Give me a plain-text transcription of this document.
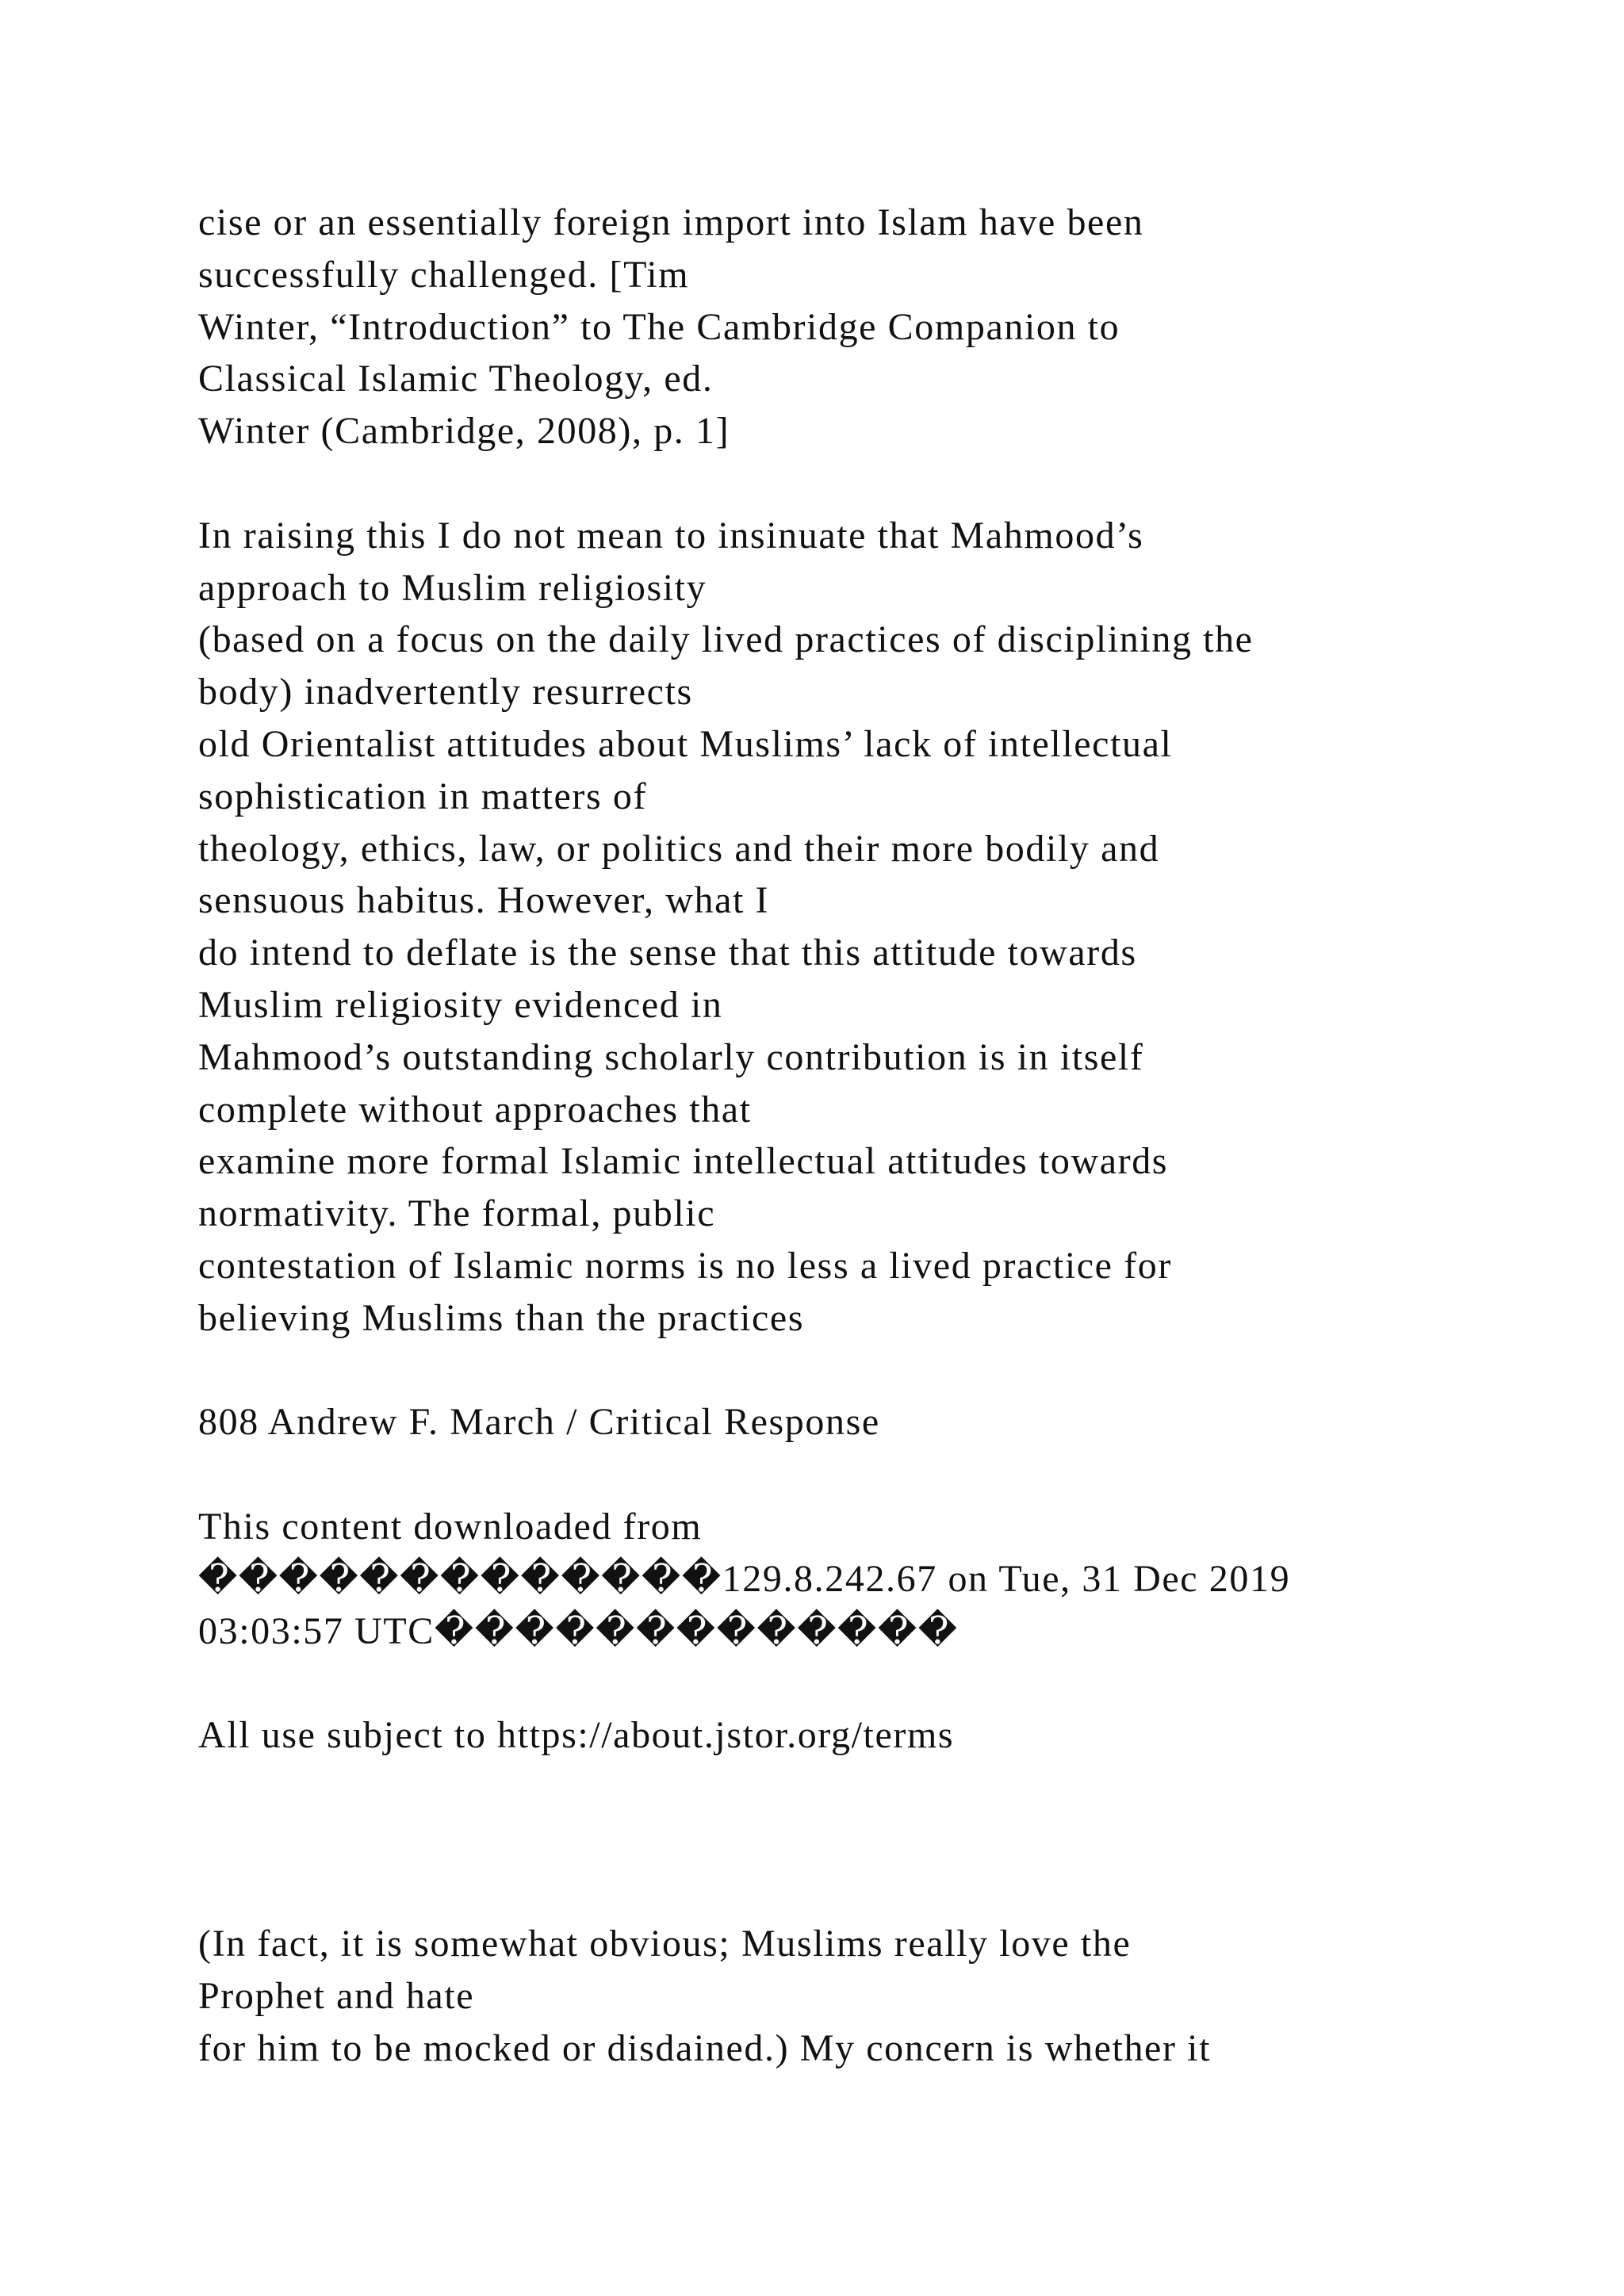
cise or an essentially foreign import into Islam have been
successfully challenged. [Tim
Winter, “Introduction” to The Cambridge Companion to
Classical Islamic Theology, ed.
Winter (Cambridge, 2008), p. 1]
In raising this I do not mean to insinuate that Mahmood’s
approach to Muslim religiosity
(based on a focus on the daily lived practices of disciplining the
body) inadvertently resurrects
old Orientalist attitudes about Muslims’ lack of intellectual
sophistication in matters of
theology, ethics, law, or politics and their more bodily and
sensuous habitus. However, what I
do intend to deflate is the sense that this attitude towards
Muslim religiosity evidenced in
Mahmood’s outstanding scholarly contribution is in itself
complete without approaches that
examine more formal Islamic intellectual attitudes towards
normativity. The formal, public
contestation of Islamic norms is no less a lived practice for
believing Muslims than the practices
808 Andrew F. March / Critical Response
This content downloaded from
�������������129.8.242.67 on Tue, 31 Dec 2019
03:03:57 UTC�������������
All use subject to https://about.jstor.org/terms
(In fact, it is somewhat obvious; Muslims really love the
Prophet and hate
for him to be mocked or disdained.) My concern is whether it
